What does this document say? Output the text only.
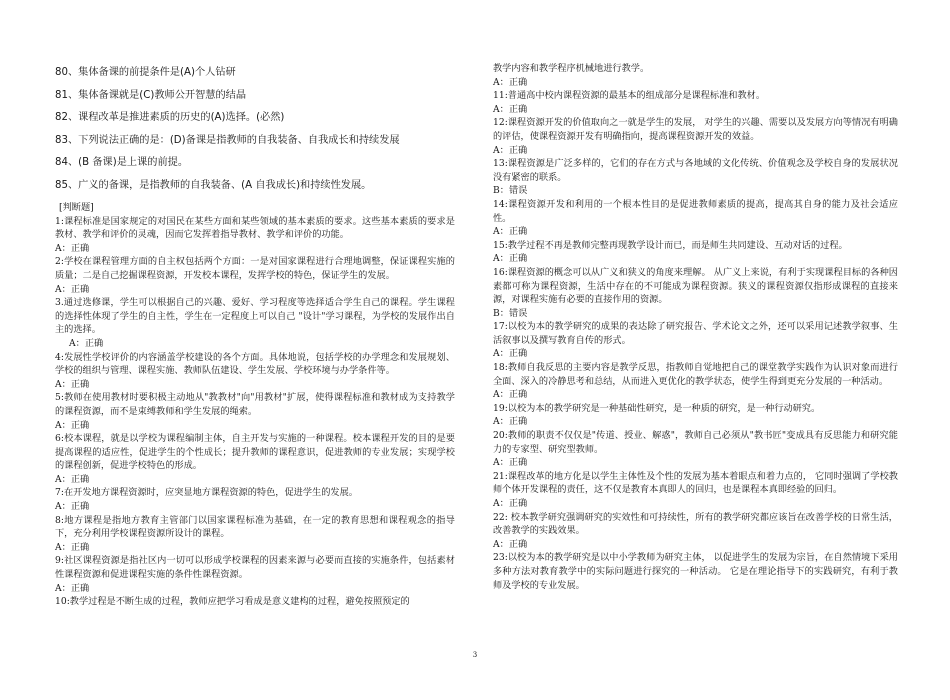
80、集体备课的前提条件是(A)个人钻研
81、集体备课就是(C)教师公开智慧的结晶
82、课程改革是推进素质的历史的(A)选择。(必然)
83、下列说法正确的是：(D)备课是指教师的自我装备、自我成长和持续发展
84、(B 备课)是上课的前提。
85、广义的备课，是指教师的自我装备、(A 自我成长)和持续性发展。
[判断题]

1:课程标准是国家规定的对国民在某些方面和某些领域的基本素质的要求。这些基本素质的要求是教材、教学和评价的灵魂，因而它发挥着指导教材、教学和评价的功能。

A：正确

2:学校在课程管理方面的自主权包括两个方面：一是对国家课程进行合理地调整，保证课程实施的质量；二是自己挖掘课程资源，开发校本课程，发挥学校的特色，保证学生的发展。

A：正确

3.通过选修课，学生可以根据自己的兴趣、爱好、学习程度等选择适合学生自己的课程。学生课程的选择性体现了学生的自主性，学生在一定程度上可以自己 "设计"学习课程，为学校的发展作出自主的选择。

A：正确

4:发展性学校评价的内容涵盖学校建设的各个方面。具体地说，包括学校的办学理念和发展规划、学校的组织与管理、课程实施、教师队伍建设、学生发展、学校环境与办学条件等。

A：正确

5:教师在使用教材时要积极主动地从"教教材"向"用教材"扩展，使得课程标准和教材成为支持教学的课程资源，而不是束缚教师和学生发展的绳索。

A：正确

6:校本课程，就是以学校为课程编制主体，自主开发与实施的一种课程。校本课程开发的目的是要提高课程的适应性，促进学生的个性成长；提升教师的课程意识，促进教师的专业发展；实现学校的课程创新，促进学校特色的形成。

A：正确

7:在开发地方课程资源时，应突显地方课程资源的特色，促进学生的发展。

A：正确

8:地方课程是指地方教育主管部门以国家课程标准为基础，在一定的教育思想和课程观念的指导下，充分利用学校课程资源所设计的课程。

A：正确

9:社区课程资源是指社区内一切可以形成学校课程的因素来源与必要而直接的实施条件，包括素材性课程资源和促进课程实施的条件性课程资源。

A：正确

10:教学过程是不断生成的过程，教师应把学习看成是意义建构的过程，避免按照预定的

教学内容和教学程序机械地进行教学。

A：正确

11:普通高中校内课程资源的最基本的组成部分是课程标准和教材。

A：正确

12:课程资源开发的价值取向之一就是学生的发展， 对学生的兴趣、需要以及发展方向等情况有明确的评估，使课程资源开发有明确指向，提高课程资源开发的效益。

A：正确

13:课程资源是广泛多样的，它们的存在方式与各地域的文化传统、价值观念及学校自身的发展状况没有紧密的联系。

B：错误

14:课程资源开发和利用的一个根本性目的是促进教师素质的提高，提高其自身的能力及社会适应性。

A：正确

15:教学过程不再是教师完整再现教学设计而已，而是师生共同建设、互动对话的过程。

A：正确

16:课程资源的概念可以从广义和狭义的角度来理解。 从广义上来说，有利于实现课程目标的各种因素都可称为课程资源，生活中存在的不可能成为课程资源。狭义的课程资源仅指形成课程的直接来源，对课程实施有必要的直接作用的资源。

B：错误

17:以校为本的教学研究的成果的表达除了研究报告、学术论文之外，还可以采用记述教学叙事、生活叙事以及撰写教育自传的形式。

A：正确

18:教师自我反思的主要内容是教学反思，指教师自觉地把自己的课堂教学实践作为认识对象而进行全面、深入的冷静思考和总结，从而进入更优化的教学状态，使学生得到更充分发展的一种活动。

A：正确

19:以校为本的教学研究是一种基础性研究，是一种质的研究，是一种行动研究。

A：正确

20:教师的职责不仅仅是"传道、授业、解惑"，教师自己必须从"教书匠"变成具有反思能力和研究能力的专家型、研究型教师。

A：正确

21:课程改革的地方化是以学生主体性及个性的发展为基本着眼点和着力点的， 它同时强调了学校教师个体开发课程的责任，这不仅是教育本真即人的回归，也是课程本真即经验的回归。

A：正确

22: 校本教学研究强调研究的实效性和可持续性，所有的教学研究都应该旨在改善学校的日常生活，改善教学的实践效果。

A：正确

23:以校为本的教学研究是以中小学教师为研究主体， 以促进学生的发展为宗旨，在自然情境下采用多种方法对教育教学中的实际问题进行探究的一种活动。 它是在理论指导下的实践研究，有利于教师及学校的专业发展。

3
